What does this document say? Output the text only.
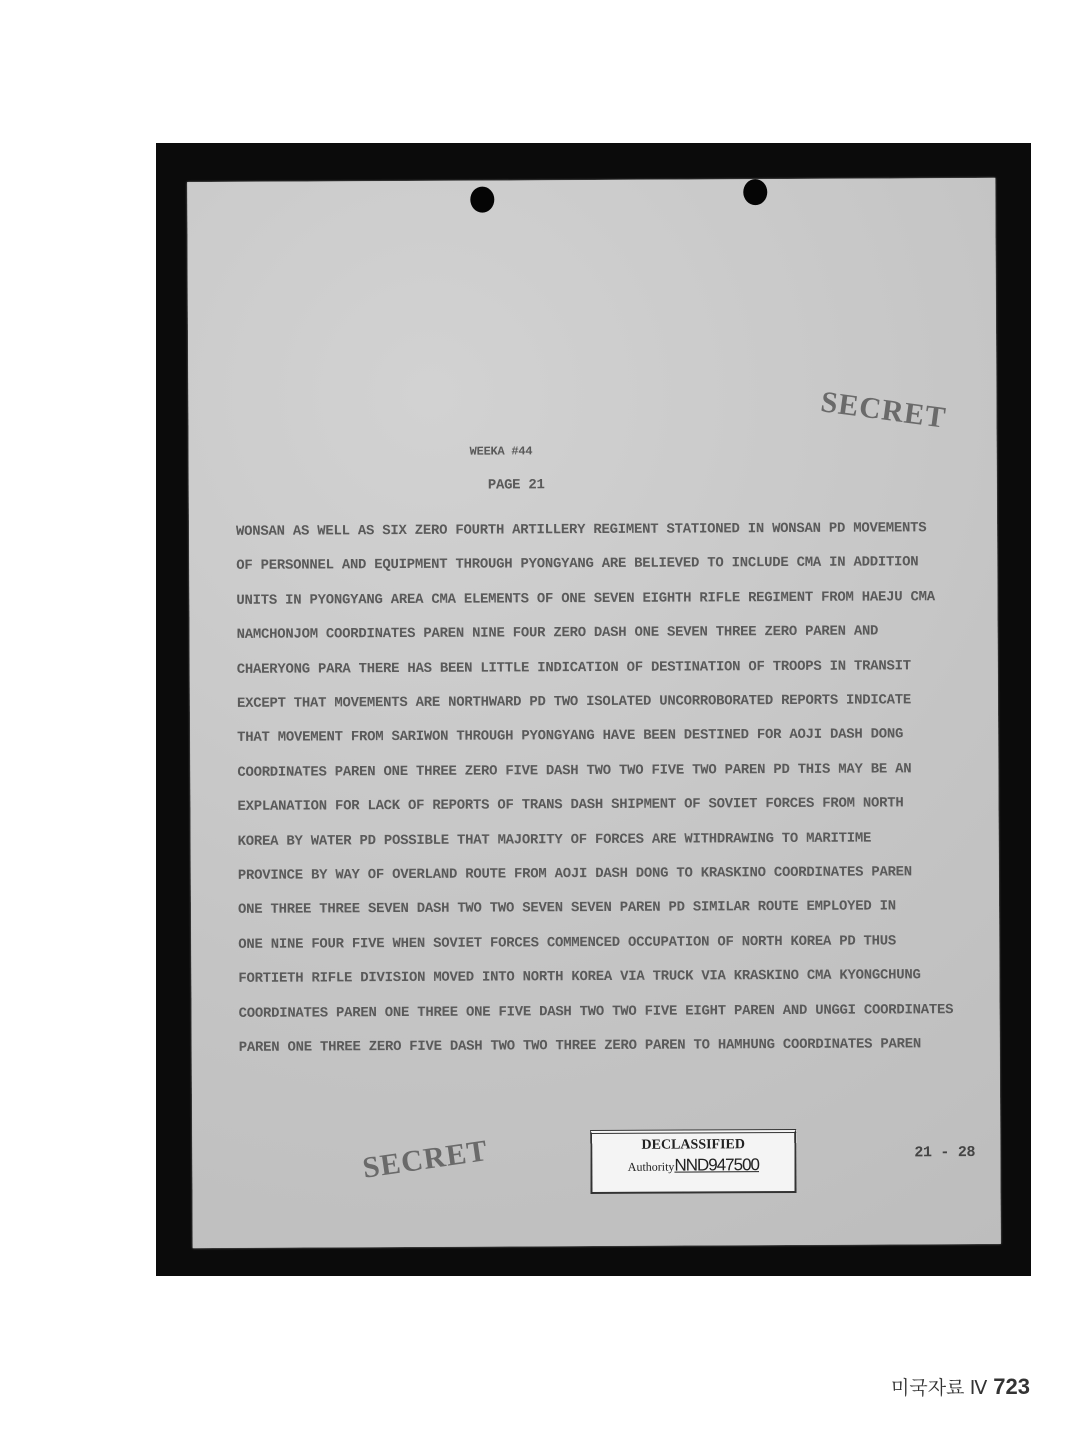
SECRET
WEEKA #44
PAGE 21
WONSAN AS WELL AS SIX ZERO FOURTH ARTILLERY REGIMENT STATIONED IN WONSAN PD MOVEMENTS
OF PERSONNEL AND EQUIPMENT THROUGH PYONGYANG ARE BELIEVED TO INCLUDE CMA IN ADDITION
UNITS IN PYONGYANG AREA CMA ELEMENTS OF ONE SEVEN EIGHTH RIFLE REGIMENT FROM HAEJU CMA
NAMCHONJOM COORDINATES PAREN NINE FOUR ZERO DASH ONE SEVEN THREE ZERO PAREN AND
CHAERYONG PARA THERE HAS BEEN LITTLE INDICATION OF DESTINATION OF TROOPS IN TRANSIT
EXCEPT THAT MOVEMENTS ARE NORTHWARD PD TWO ISOLATED UNCORROBORATED REPORTS INDICATE
THAT MOVEMENT FROM SARIWON THROUGH PYONGYANG HAVE BEEN DESTINED FOR AOJI DASH DONG
COORDINATES PAREN ONE THREE ZERO FIVE DASH TWO TWO FIVE TWO PAREN PD THIS MAY BE AN
EXPLANATION FOR LACK OF REPORTS OF TRANS DASH SHIPMENT OF SOVIET FORCES FROM NORTH
KOREA BY WATER PD POSSIBLE THAT MAJORITY OF FORCES ARE WITHDRAWING TO MARITIME
PROVINCE BY WAY OF OVERLAND ROUTE FROM AOJI DASH DONG TO KRASKINO COORDINATES PAREN
ONE THREE THREE SEVEN DASH TWO TWO SEVEN SEVEN PAREN PD SIMILAR ROUTE EMPLOYED IN
ONE NINE FOUR FIVE WHEN SOVIET FORCES COMMENCED OCCUPATION OF NORTH KOREA PD THUS
FORTIETH RIFLE DIVISION MOVED INTO NORTH KOREA VIA TRUCK VIA KRASKINO CMA KYONGCHUNG
COORDINATES PAREN ONE THREE ONE FIVE DASH TWO TWO FIVE EIGHT PAREN AND UNGGI COORDINATES
PAREN ONE THREE ZERO FIVE DASH TWO TWO THREE ZERO PAREN TO HAMHUNG COORDINATES PAREN
SECRET	DECLASSIFIED
AuthorityNND947500
21 - 28
미국자료 Ⅳ 723
